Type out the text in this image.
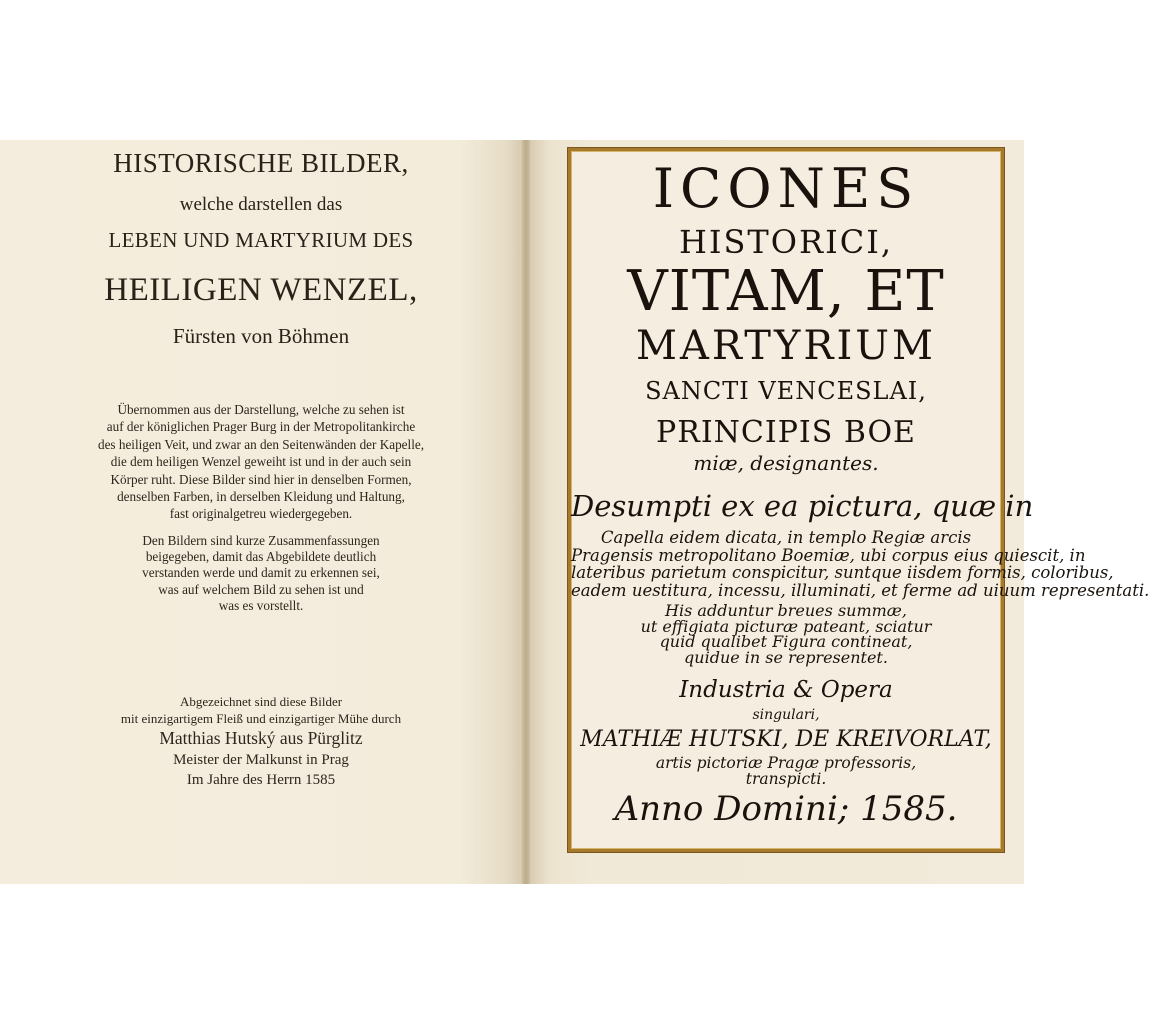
HISTORISCHE BILDER,
welche darstellen das
LEBEN UND MARTYRIUM DES
HEILIGEN WENZEL,
Fürsten von Böhmen
Übernommen aus der Darstellung, welche zu sehen ist
auf der königlichen Prager Burg in der Metropolitankirche
des heiligen Veit, und zwar an den Seitenwänden der Kapelle,
die dem heiligen Wenzel geweiht ist und in der auch sein
Körper ruht. Diese Bilder sind hier in denselben Formen,
denselben Farben, in derselben Kleidung und Haltung,
fast originalgetreu wiedergegeben.
Den Bildern sind kurze Zusammenfassungen
beigegeben, damit das Abgebildete deutlich
verstanden werde und damit zu erkennen sei,
was auf welchem Bild zu sehen ist und
was es vorstellt.
Abgezeichnet sind diese Bilder
mit einzigartigem Fleiß und einzigartiger Mühe durch
Matthias Hutský aus Pürglitz
Meister der Malkunst in Prag
Im Jahre des Herrn 1585
ICONES
HISTORICI,
VITAM, ET
MARTYRIUM
SANCTI VENCESLAI,
PRINCIPIS BOE
miæ, designantes.
Desumpti ex ea pictura, quæ in
Capella eidem dicata, in templo Regiæ arcis
Pragensis metropolitano Boemiæ, ubi corpus eius quiescit, in
lateribus parietum conspicitur, suntque iisdem formis, coloribus,
eadem uestitura, incessu, illuminati, et ferme ad uiuum representati.
His adduntur breues summæ,
ut effigiata picturæ pateant, sciatur
quid qualibet Figura contineat,
quidue in se representet.
Industria & Opera
singulari,
MATHIÆ HUTSKI, DE KREIVORLAT,
artis pictoriæ Pragæ professoris,
transpicti.
Anno Domini; 1585.
